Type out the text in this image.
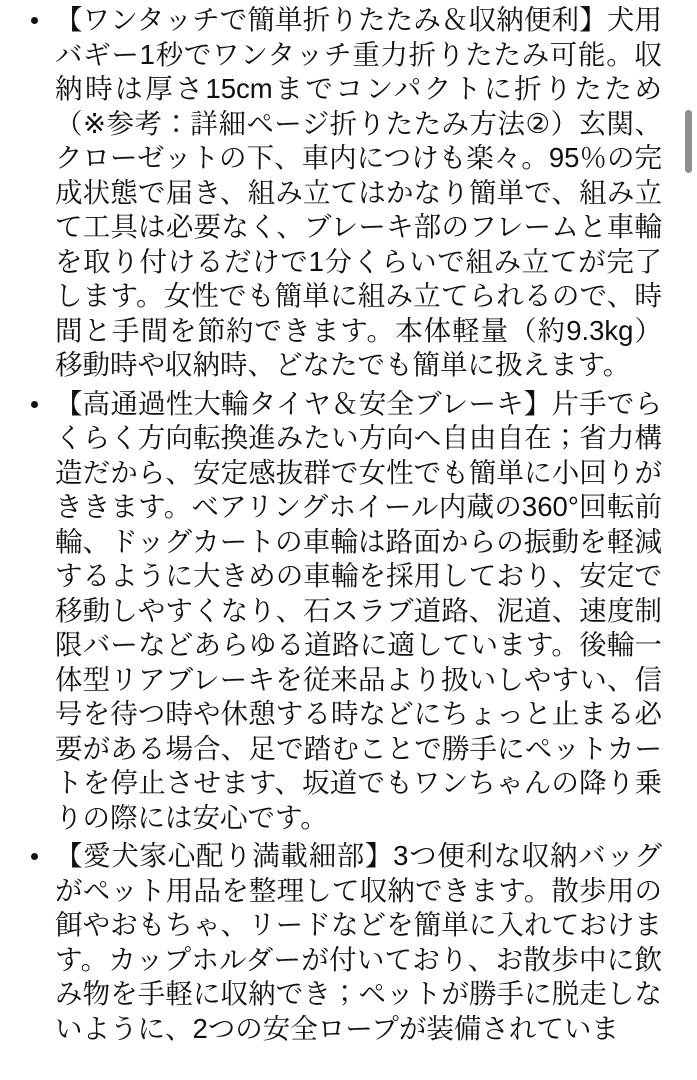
【ワンタッチで簡単折りたたみ＆収納便利】犬用バギー1秒でワンタッチ重力折りたたみ可能。収納時は厚さ15cmまでコンパクトに折りたため（※参考：詳細ページ折りたたみ方法②）玄関、クローゼットの下、車内につけも楽々。95％の完成状態で届き、組み立てはかなり簡単で、組み立て工具は必要なく、ブレーキ部のフレームと車輪を取り付けるだけで1分くらいで組み立てが完了します。女性でも簡単に組み立てられるので、時間と手間を節約できます。本体軽量（約9.3kg）移動時や収納時、どなたでも簡単に扱えます。
【高通過性大輪タイヤ＆安全ブレーキ】片手でらくらく方向転換進みたい方向へ自由自在；省力構造だから、安定感抜群で女性でも簡単に小回りがききます。ベアリングホイール内蔵の360°回転前輪、ドッグカートの車輪は路面からの振動を軽減するように大きめの車輪を採用しており、安定で移動しやすくなり、石スラブ道路、泥道、速度制限バーなどあらゆる道路に適しています。後輪一体型リアブレーキを従来品より扱いしやすい、信号を待つ時や休憩する時などにちょっと止まる必要がある場合、足で踏むことで勝手にペットカートを停止させます、坂道でもワンちゃんの降り乗りの際には安心です。
【愛犬家心配り満載細部】3つ便利な収納バッグがペット用品を整理して収納できます。散歩用の餌やおもちゃ、リードなどを簡単に入れておけます。カップホルダーが付いており、お散歩中に飲み物を手軽に収納でき；ペットが勝手に脱走しないように、2つの安全ロープが装備されていま
